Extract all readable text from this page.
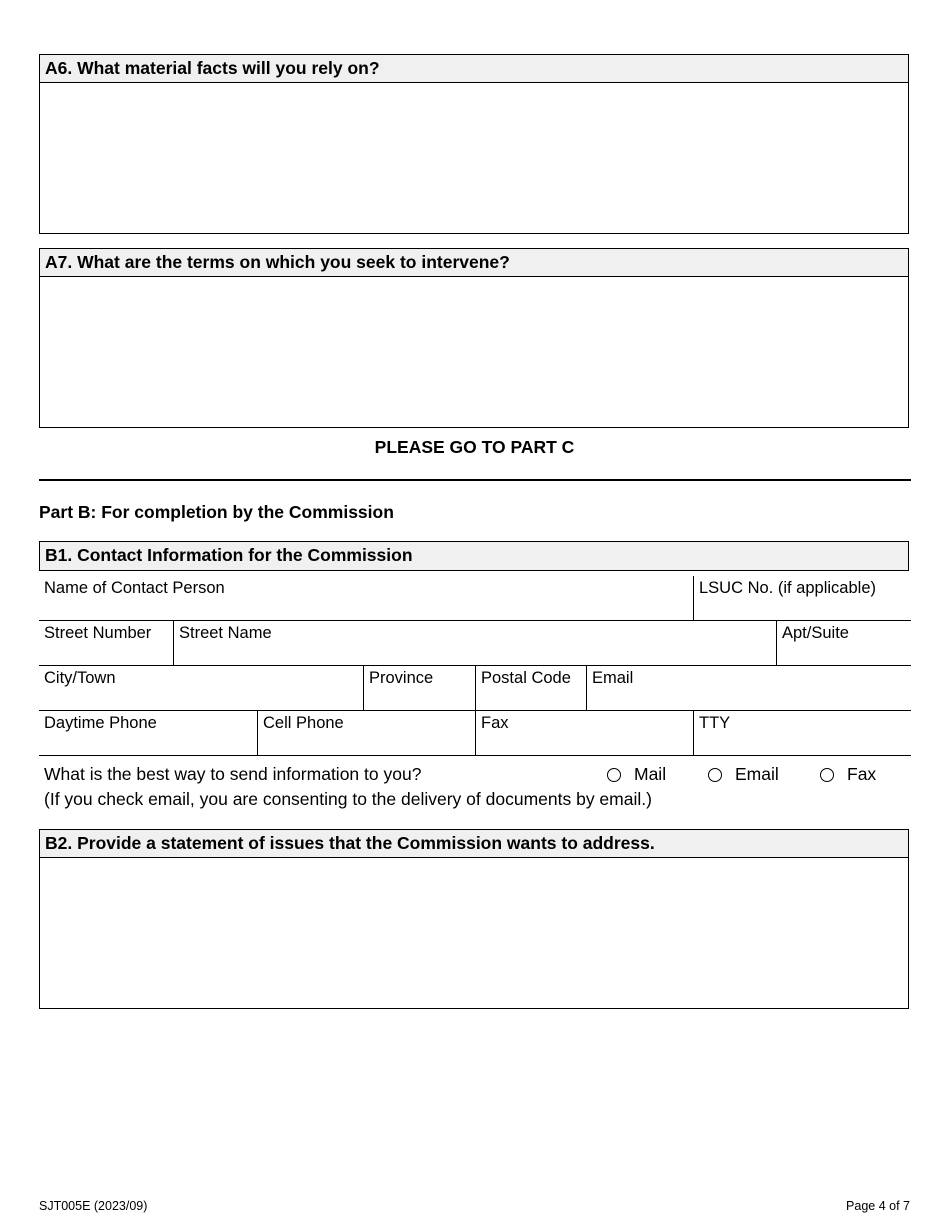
A6. What material facts will you rely on?
A7. What are the terms on which you seek to intervene?
PLEASE GO TO PART C
Part B: For completion by the Commission
B1. Contact Information for the Commission
Name of Contact Person	LSUC No. (if applicable)
Street Number	Street Name	Apt/Suite
City/Town	Province	Postal Code	Email
Daytime Phone	Cell Phone	Fax	TTY
What is the best way to send information to you?	Mail	Email	Fax
(If you check email, you are consenting to the delivery of documents by email.)
B2. Provide a statement of issues that the Commission wants to address.
SJT005E (2023/09)	Page 4 of 7
